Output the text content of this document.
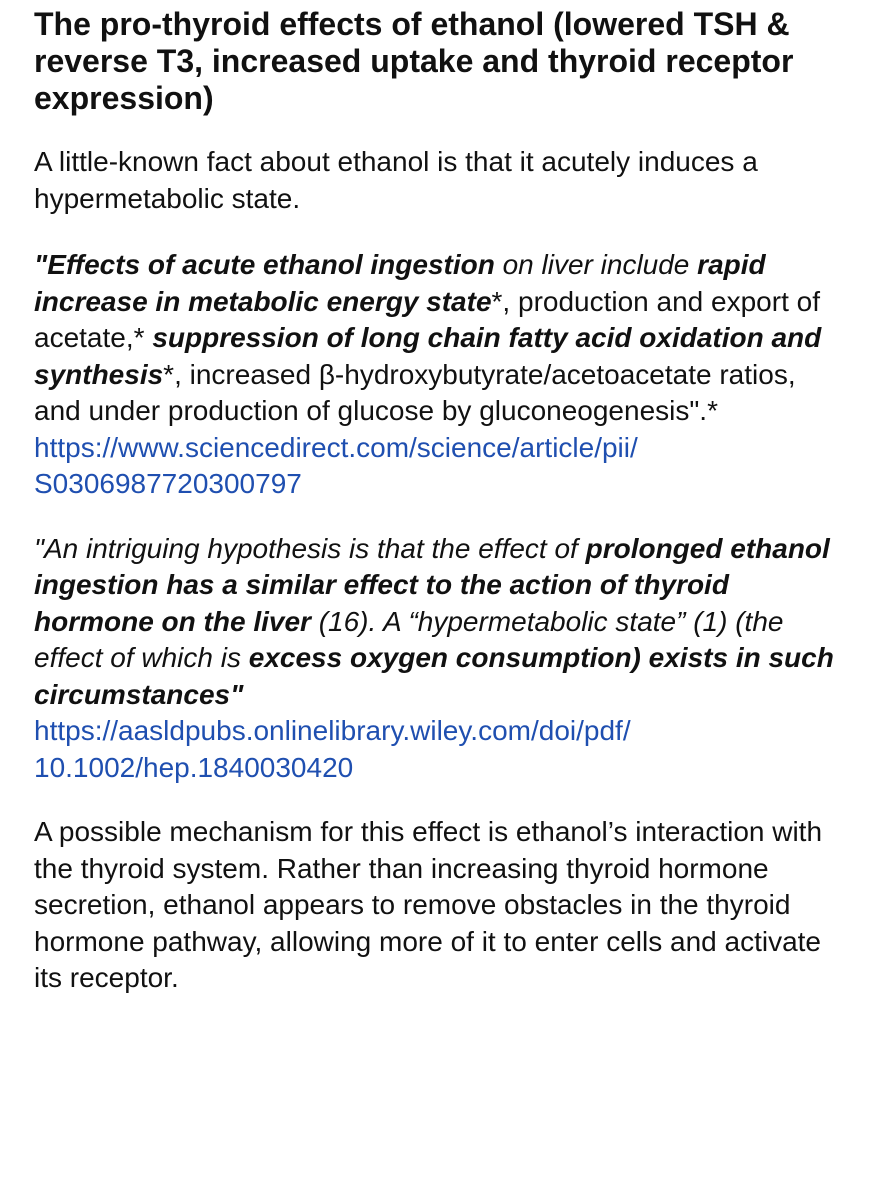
The pro-thyroid effects of ethanol (lowered TSH & reverse T3, increased uptake and thyroid receptor expression)

A little-known fact about ethanol is that it acutely induces a hypermetabolic state.

"Effects of acute ethanol ingestion on liver include rapid increase in metabolic energy state*, production and export of acetate,* suppression of long chain fatty acid oxidation and synthesis*, increased β-hydroxybutyrate/acetoacetate ratios, and under production of glucose by gluconeogenesis".*
https://www.sciencedirect.com/science/article/pii/
S0306987720300797

"An intriguing hypothesis is that the effect of prolonged ethanol ingestion has a similar effect to the action of thyroid hormone on the liver (16). A “hypermetabolic state” (1) (the effect of which is excess oxygen consumption) exists in such circumstances"
https://aasldpubs.onlinelibrary.wiley.com/doi/pdf/
10.1002/hep.1840030420

A possible mechanism for this effect is ethanol’s interaction with the thyroid system. Rather than increasing thyroid hormone secretion, ethanol appears to remove obstacles in the thyroid hormone pathway, allowing more of it to enter cells and activate its receptor.
